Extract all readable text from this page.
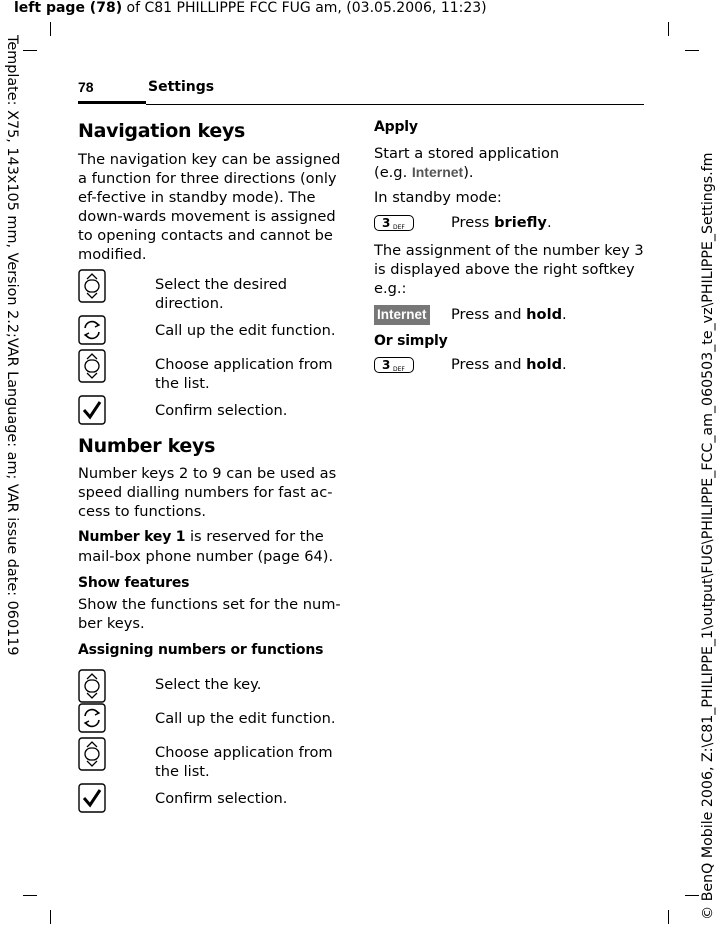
left page (78) of C81 PHILLIPPE FCC FUG am, (03.05.2006, 11:23)
Template: X75, 143x105 mm, Version 2.2;VAR Language: am; VAR issue date: 060119	© BenQ Mobile 2006, Z:\C81_PHILIPPE_1\output\FUG\PHILIPPE_FCC_am_060503_te_vz\PHILIPPE_Settings.fm
78	Settings
Navigation keys

The navigation key can be assigned a function for three directions (only ef-fective in standby mode). The down-wards movement is assigned to opening contacts and cannot be modified.

Select the desired direction.
Call up the edit function.
Choose application from the list.
Confirm selection.
Number keys

Number keys 2 to 9 can be used as speed dialling numbers for fast ac-cess to functions.

Number key 1 is reserved for the mail-box phone number (page 64).

Show features

Show the functions set for the num-ber keys.

Assigning numbers or functions

Select the key.
Call up the edit function.
Choose application from the list.
Confirm selection.

Apply

Start a stored application
(e.g. Internet).

In standby mode:

3 DEF	Press briefly.

The assignment of the number key 3 is displayed above the right softkey e.g.:

Internet Press and hold.

Or simply

3 DEF	Press and hold.
